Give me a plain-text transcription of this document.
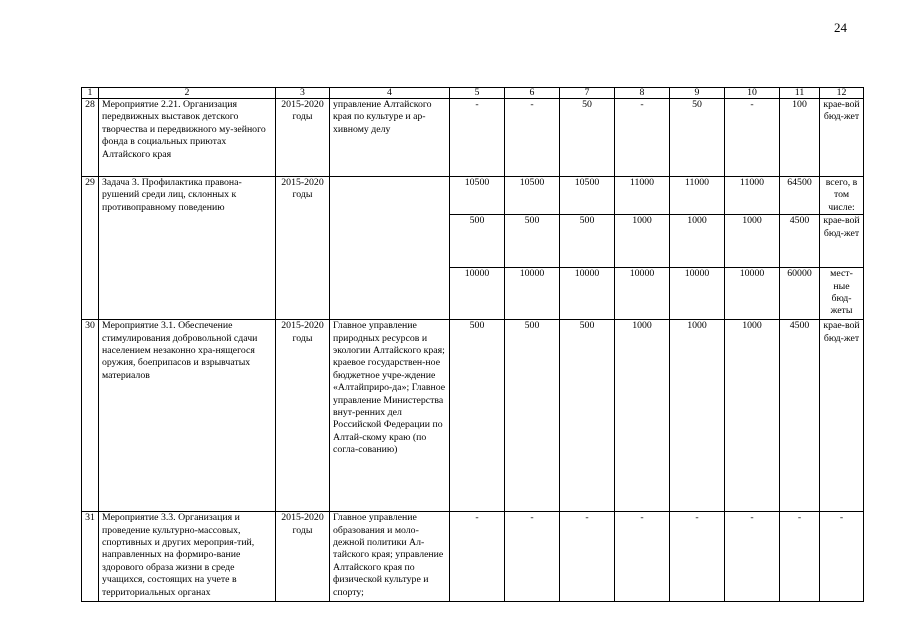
24
1	2	3	4	5	6	7	8	9	10	11	12
28	Мероприятие 2.21. Организация передвижных выставок детского творчества и передвижного му-зейного фонда в социальных приютах Алтайского края	2015-2020 годы	управление Алтайского края по культуре и ар-хивному делу	-	-	50	-	50	-	100	крае-вой бюд-жет
29	Задача 3. Профилактика правона-рушений среди лиц, склонных к противоправному поведению	2015-2020 годы		10500	10500	10500	11000	11000	11000	64500	всего, в том числе:
				500	500	500	1000	1000	1000	4500	крае-вой бюд-жет
				10000	10000	10000	10000	10000	10000	60000	мест-ные бюд-жеты
30	Мероприятие 3.1. Обеспечение стимулирования добровольной сдачи населением незаконно хра-нящегося оружия, боеприпасов и взрывчатых материалов	2015-2020 годы	Главное управление природных ресурсов и экологии Алтайского края; краевое государствен-ное бюджетное учре-ждение «Алтайприро-да»; Главное управление Министерства внут-ренних дел Российской Федерации по Алтай-скому краю (по согла-сованию)	500	500	500	1000	1000	1000	4500	крае-вой бюд-жет
31	Мероприятие 3.3. Организация и проведение культурно-массовых, спортивных и других мероприя-тий, направленных на формиро-вание здорового образа жизни в среде учащихся, состоящих на учете в территориальных органах	2015-2020 годы	Главное управление образования и моло-дежной политики Ал-тайского края; управление Алтайского края по физической культуре и спорту;	-	-	-	-	-	-	-	-
